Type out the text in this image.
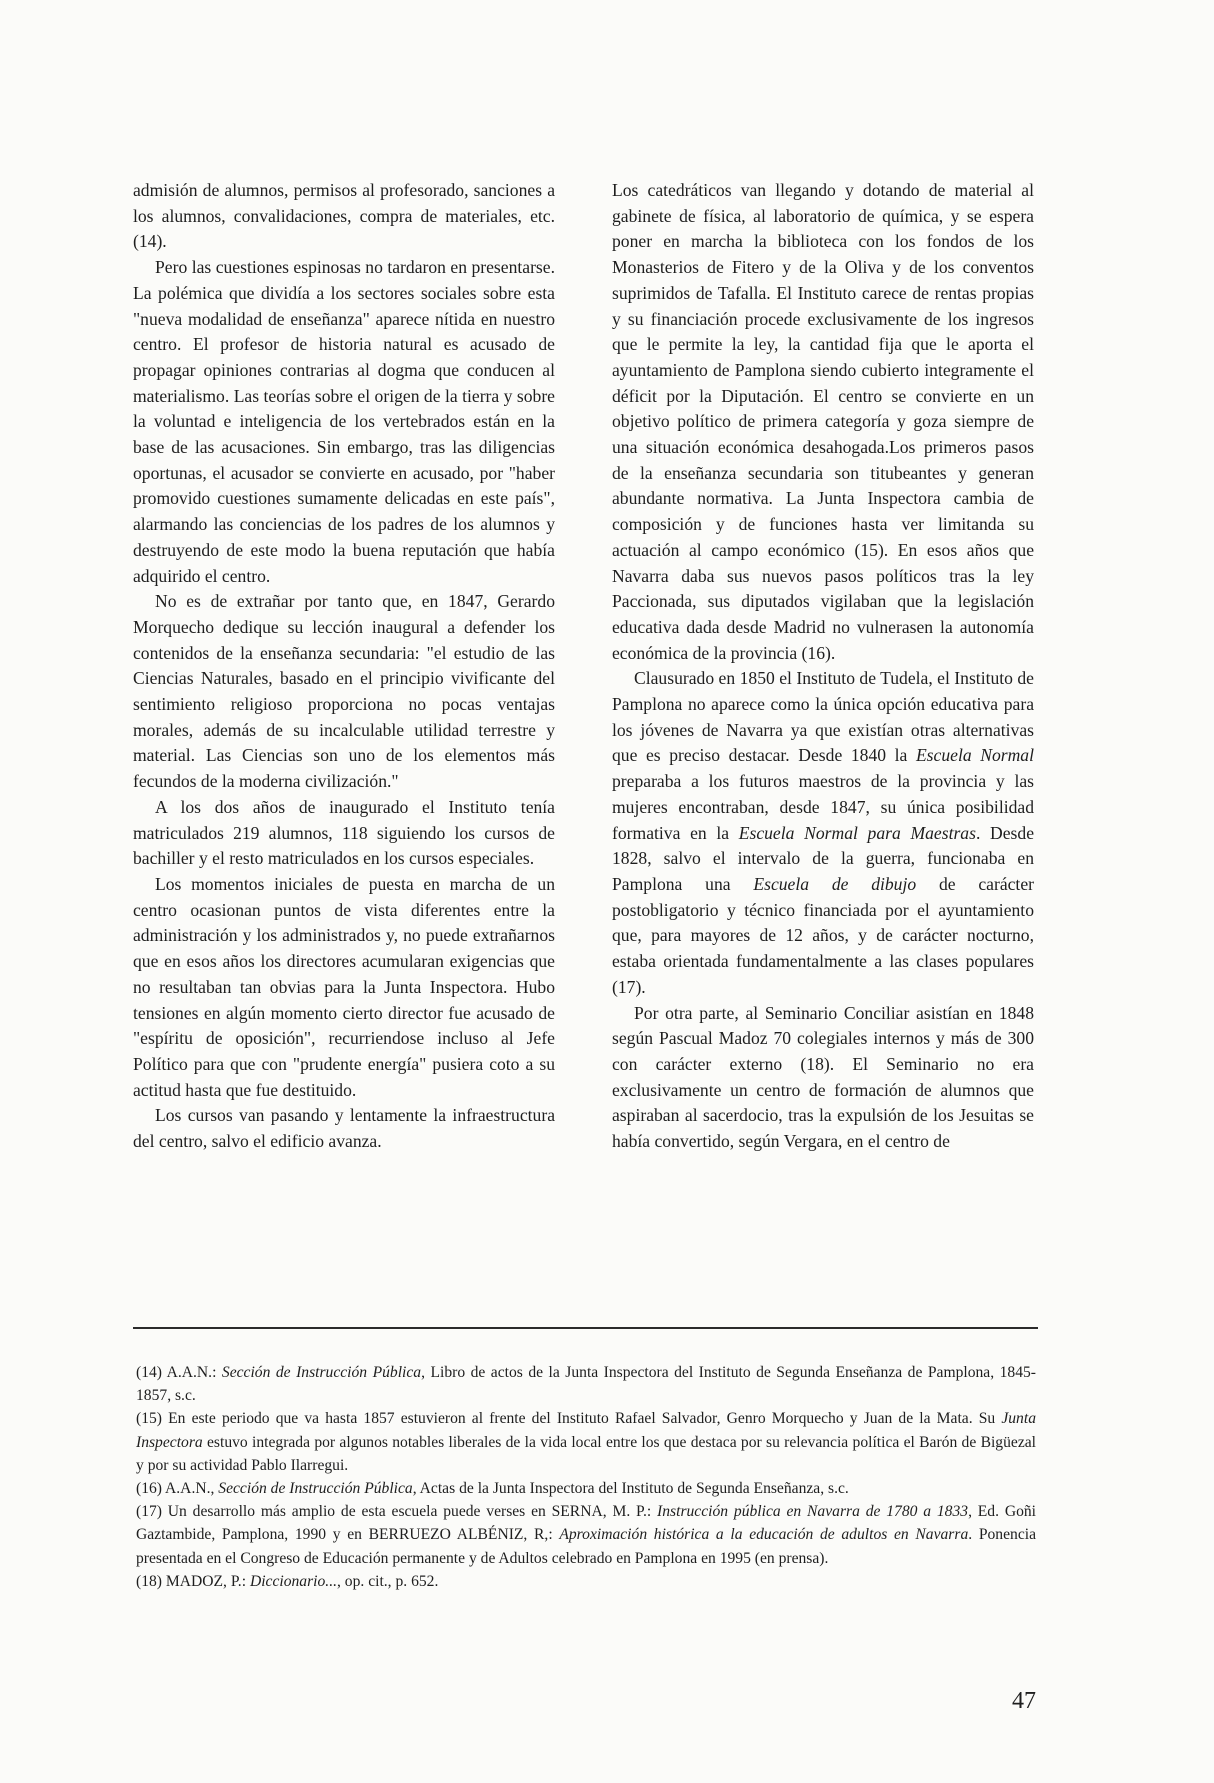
admisión de alumnos, permisos al profesorado, sanciones a los alumnos, convalidaciones, compra de materiales, etc. (14).

Pero las cuestiones espinosas no tardaron en presentarse. La polémica que dividía a los sectores sociales sobre esta "nueva modalidad de enseñanza" aparece nítida en nuestro centro. El profesor de historia natural es acusado de propagar opiniones contrarias al dogma que conducen al materialismo. Las teorías sobre el origen de la tierra y sobre la voluntad e inteligencia de los vertebrados están en la base de las acusaciones. Sin embargo, tras las diligencias oportunas, el acusador se convierte en acusado, por "haber promovido cuestiones sumamente delicadas en este país", alarmando las conciencias de los padres de los alumnos y destruyendo de este modo la buena reputación que había adquirido el centro.

No es de extrañar por tanto que, en 1847, Gerardo Morquecho dedique su lección inaugural a defender los contenidos de la enseñanza secundaria: "el estudio de las Ciencias Naturales, basado en el principio vivificante del sentimiento religioso proporciona no pocas ventajas morales, además de su incalculable utilidad terrestre y material. Las Ciencias son uno de los elementos más fecundos de la moderna civilización."

A los dos años de inaugurado el Instituto tenía matriculados 219 alumnos, 118 siguiendo los cursos de bachiller y el resto matriculados en los cursos especiales.

Los momentos iniciales de puesta en marcha de un centro ocasionan puntos de vista diferentes entre la administración y los administrados y, no puede extrañarnos que en esos años los directores acumularan exigencias que no resultaban tan obvias para la Junta Inspectora. Hubo tensiones en algún momento cierto director fue acusado de "espíritu de oposición", recurriendose incluso al Jefe Político para que con "prudente energía" pusiera coto a su actitud hasta que fue destituido.

Los cursos van pasando y lentamente la infraestructura del centro, salvo el edificio avanza.

Los catedráticos van llegando y dotando de material al gabinete de física, al laboratorio de química, y se espera poner en marcha la biblioteca con los fondos de los Monasterios de Fitero y de la Oliva y de los conventos suprimidos de Tafalla. El Instituto carece de rentas propias y su financiación procede exclusivamente de los ingresos que le permite la ley, la cantidad fija que le aporta el ayuntamiento de Pamplona siendo cubierto integramente el déficit por la Diputación. El centro se convierte en un objetivo político de primera categoría y goza siempre de una situación económica desahogada.Los primeros pasos de la enseñanza secundaria son titubeantes y generan abundante normativa. La Junta Inspectora cambia de composición y de funciones hasta ver limitanda su actuación al campo económico (15). En esos años que Navarra daba sus nuevos pasos políticos tras la ley Paccionada, sus diputados vigilaban que la legislación educativa dada desde Madrid no vulnerasen la autonomía económica de la provincia (16).

Clausurado en 1850 el Instituto de Tudela, el Instituto de Pamplona no aparece como la única opción educativa para los jóvenes de Navarra ya que existían otras alternativas que es preciso destacar. Desde 1840 la Escuela Normal preparaba a los futuros maestros de la provincia y las mujeres encontraban, desde 1847, su única posibilidad formativa en la Escuela Normal para Maestras. Desde 1828, salvo el intervalo de la guerra, funcionaba en Pamplona una Escuela de dibujo de carácter postobligatorio y técnico financiada por el ayuntamiento que, para mayores de 12 años, y de carácter nocturno, estaba orientada fundamentalmente a las clases populares (17).

Por otra parte, al Seminario Conciliar asistían en 1848 según Pascual Madoz 70 colegiales internos y más de 300 con carácter externo (18). El Seminario no era exclusivamente un centro de formación de alumnos que aspiraban al sacerdocio, tras la expulsión de los Jesuitas se había convertido, según Vergara, en el centro de

(14) A.A.N.: Sección de Instrucción Pública, Libro de actos de la Junta Inspectora del Instituto de Segunda Enseñanza de Pamplona, 1845-1857, s.c.

(15) En este periodo que va hasta 1857 estuvieron al frente del Instituto Rafael Salvador, Genro Morquecho y Juan de la Mata. Su Junta Inspectora estuvo integrada por algunos notables liberales de la vida local entre los que destaca por su relevancia política el Barón de Bigüezal y por su actividad Pablo Ilarregui.

(16) A.A.N., Sección de Instrucción Pública, Actas de la Junta Inspectora del Instituto de Segunda Enseñanza, s.c.

(17) Un desarrollo más amplio de esta escuela puede verses en SERNA, M. P.: Instrucción pública en Navarra de 1780 a 1833, Ed. Goñi Gaztambide, Pamplona, 1990 y en BERRUEZO ALBÉNIZ, R,: Aproximación histórica a la educación de adultos en Navarra. Ponencia presentada en el Congreso de Educación permanente y de Adultos celebrado en Pamplona en 1995 (en prensa).

(18) MADOZ, P.: Diccionario..., op. cit., p. 652.

47
